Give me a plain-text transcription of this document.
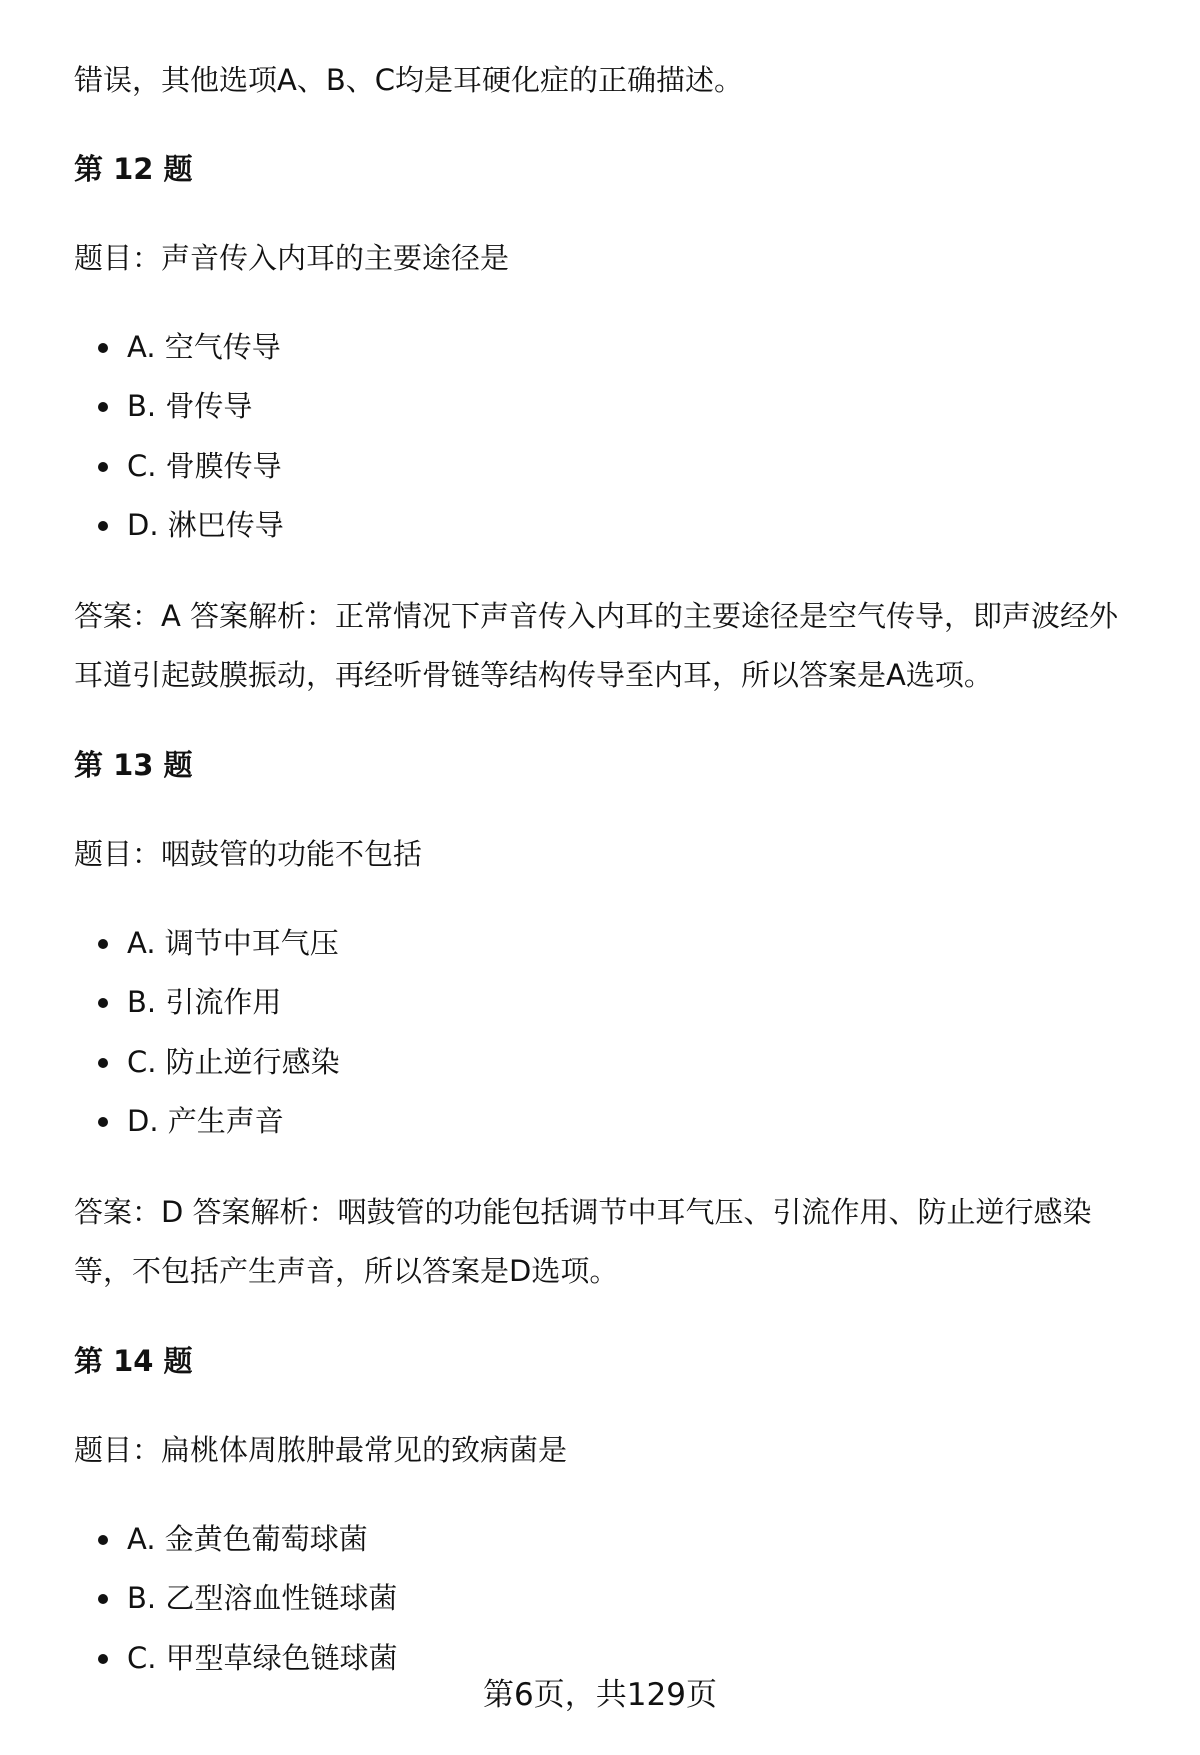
错误，其他选项A、B、C均是耳硬化症的正确描述。
第 12 题
题目：声音传入内耳的主要途径是
A. 空气传导
B. 骨传导
C. 骨膜传导
D. 淋巴传导
答案：A 答案解析：正常情况下声音传入内耳的主要途径是空气传导，即声波经外
耳道引起鼓膜振动，再经听骨链等结构传导至内耳，所以答案是A选项。
第 13 题
题目：咽鼓管的功能不包括
A. 调节中耳气压
B. 引流作用
C. 防止逆行感染
D. 产生声音
答案：D 答案解析：咽鼓管的功能包括调节中耳气压、引流作用、防止逆行感染
等，不包括产生声音，所以答案是D选项。
第 14 题
题目：扁桃体周脓肿最常见的致病菌是
A. 金黄色葡萄球菌
B. 乙型溶血性链球菌
C. 甲型草绿色链球菌
第6页，共129页
